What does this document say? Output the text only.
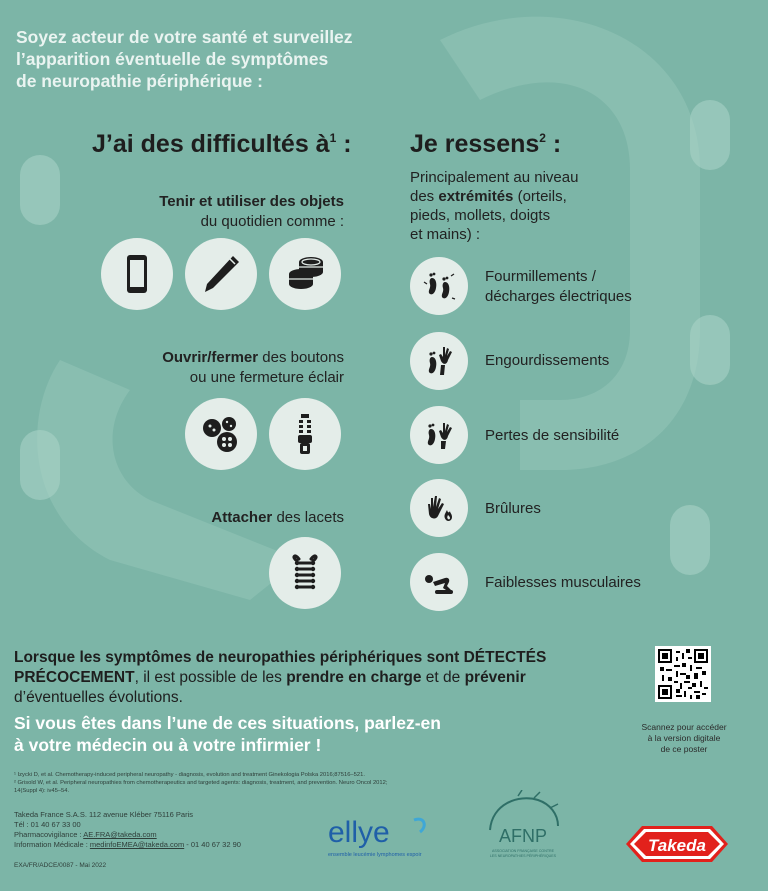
Soyez acteur de votre santé et surveillez
l’apparition éventuelle de symptômes
de neuropathie périphérique :
J’ai des difficultés $à^1$ :	Je ressens$^2$ :
Tenir et utiliser des objets
du quotidien comme :
Ouvrir/fermer des boutons
ou une fermeture éclair
Attacher des lacets
Principalement au niveau
des extrémités (orteils,
pieds, mollets, doigts
et mains) :
Fourmillements /
décharges électriques
Engourdissements
Pertes de sensibilité
Brûlures
Faiblesses musculaires
Lorsque les symptômes de neuropathies périphériques sont DÉTECTÉS
PRÉCOCEMENT, il est possible de les prendre en charge et de prévenir
d’éventuelles évolutions.
Si vous êtes dans l’une de ces situations, parlez-en
à votre médecin ou à votre infirmier !
Scannez pour accéder
à la version digitale
de ce poster
¹ Izycki D, et al. Chemotherapy-induced peripheral neuropathy - diagnosis, evolution and treatment Ginekologia Polska 2016;87516–521.
² Grisold W, et al. Peripheral neuropathies from chemotherapeutics and targeted agents: diagnosis, treatment, and prevention. Neuro Oncol 2012;
14(Suppl 4): iv45–54.
Takeda France S.A.S. 112 avenue Kléber 75116 Paris
Tél : 01 40 67 33 00
Pharmacovigilance : AE.FRA@takeda.com
Information Médicale : medinfoEMEA@takeda.com - 01 40 67 32 90
EXA/FR/ADCE/0087 - Mai 2022
ellye
ensemble leucémie lymphomes espoir
AFNP
ASSOCIATION FRANÇAISE CONTRE
LES NEUROPATHIES PÉRIPHÉRIQUES
Takeda
